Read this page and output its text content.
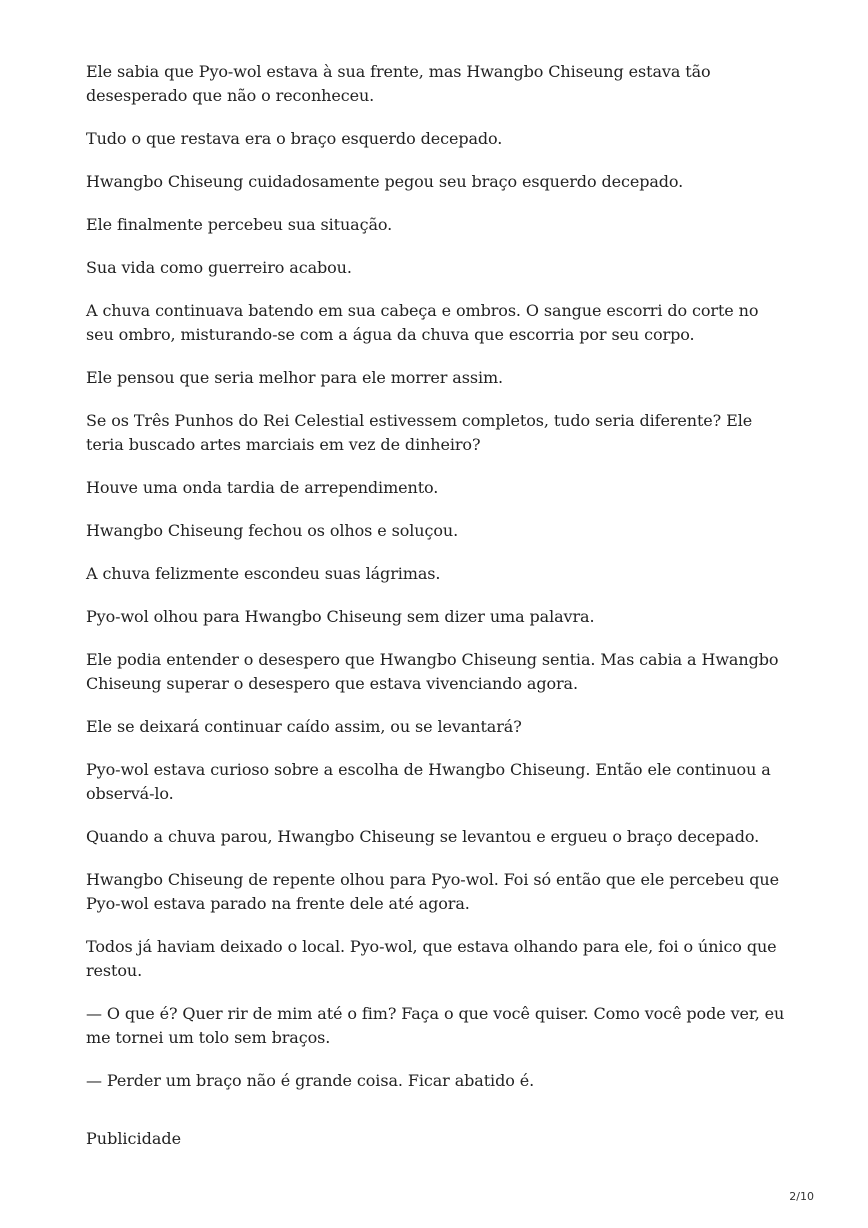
Ele sabia que Pyo-wol estava à sua frente, mas Hwangbo Chiseung estava tão desesperado que não o reconheceu.

Tudo o que restava era o braço esquerdo decepado.

Hwangbo Chiseung cuidadosamente pegou seu braço esquerdo decepado.

Ele finalmente percebeu sua situação.

Sua vida como guerreiro acabou.

A chuva continuava batendo em sua cabeça e ombros. O sangue escorri do corte no seu ombro, misturando-se com a água da chuva que escorria por seu corpo.

Ele pensou que seria melhor para ele morrer assim.

Se os Três Punhos do Rei Celestial estivessem completos, tudo seria diferente? Ele teria buscado artes marciais em vez de dinheiro?

Houve uma onda tardia de arrependimento.

Hwangbo Chiseung fechou os olhos e soluçou.

A chuva felizmente escondeu suas lágrimas.

Pyo-wol olhou para Hwangbo Chiseung sem dizer uma palavra.

Ele podia entender o desespero que Hwangbo Chiseung sentia. Mas cabia a Hwangbo Chiseung superar o desespero que estava vivenciando agora.

Ele se deixará continuar caído assim, ou se levantará?

Pyo-wol estava curioso sobre a escolha de Hwangbo Chiseung. Então ele continuou a observá-lo.

Quando a chuva parou, Hwangbo Chiseung se levantou e ergueu o braço decepado.

Hwangbo Chiseung de repente olhou para Pyo-wol. Foi só então que ele percebeu que Pyo-wol estava parado na frente dele até agora.

Todos já haviam deixado o local. Pyo-wol, que estava olhando para ele, foi o único que restou.

— O que é? Quer rir de mim até o fim? Faça o que você quiser. Como você pode ver, eu me tornei um tolo sem braços.

— Perder um braço não é grande coisa. Ficar abatido é.

Publicidade
2/10
